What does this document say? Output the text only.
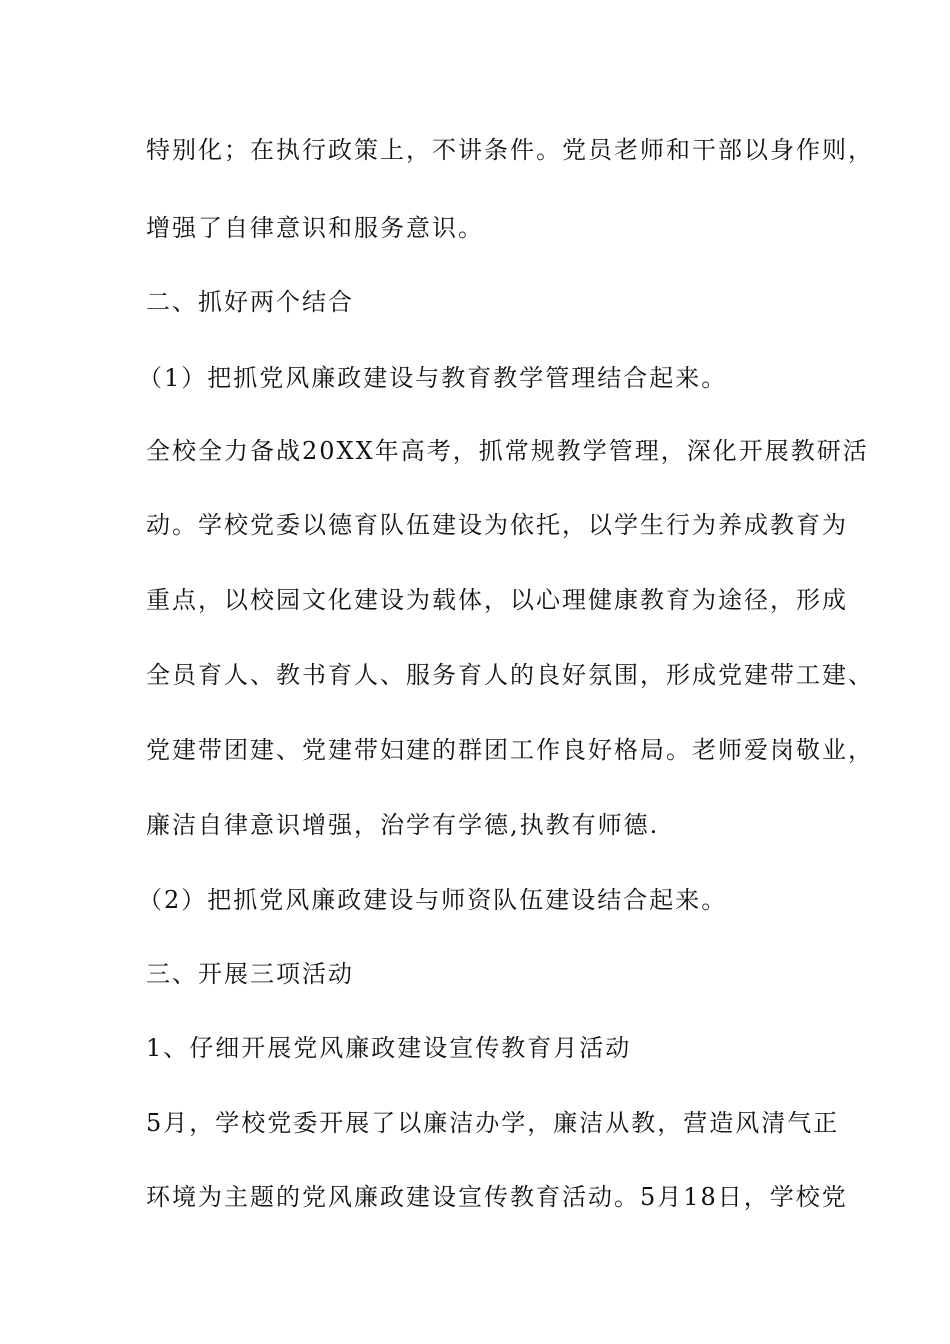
特别化；在执行政策上，不讲条件。党员老师和干部以身作则，
增强了自律意识和服务意识。
二、抓好两个结合
（1）把抓党风廉政建设与教育教学管理结合起来。
全校全力备战20XX年高考，抓常规教学管理，深化开展教研活
动。学校党委以德育队伍建设为依托，以学生行为养成教育为
重点，以校园文化建设为载体，以心理健康教育为途径，形成
全员育人、教书育人、服务育人的良好氛围，形成党建带工建、
党建带团建、党建带妇建的群团工作良好格局。老师爱岗敬业，
廉洁自律意识增强，治学有学德,执教有师德.
（2）把抓党风廉政建设与师资队伍建设结合起来。
三、开展三项活动
1、仔细开展党风廉政建设宣传教育月活动
5月，学校党委开展了以廉洁办学，廉洁从教，营造风清气正
环境为主题的党风廉政建设宣传教育活动。5月18日，学校党
